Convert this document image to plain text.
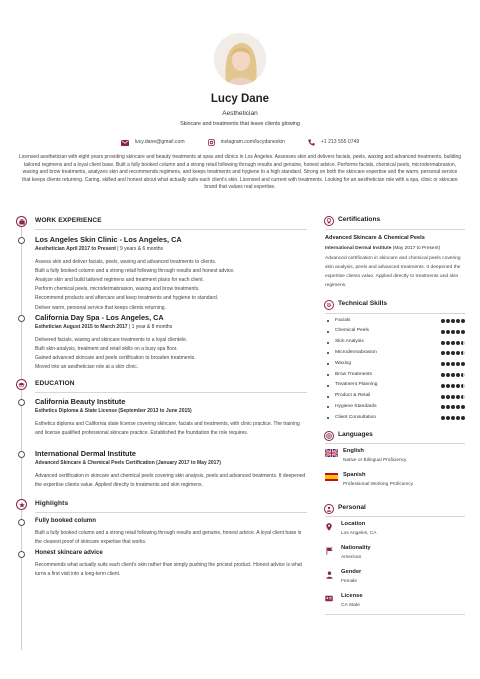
Lucy Dane
Aesthetician
Skincare and treatments that leave clients glowing
lucy.dane@gmail.com	instagram.com/lucydaneskin	+1 213 555 0749
Licensed aesthetician with eight years providing skincare and beauty treatments at spas and clinics in Los Angeles. Assesses skin and delivers facials, peels, waxing and advanced treatments, building tailored regimens and a loyal client base. Built a fully booked column and a strong retail following through results and genuine, honest advice. Performs facials, chemical peels, microdermabrasion, waxing and brow treatments, analyzes skin and recommends regimens, and keeps treatments and hygiene to a high standard. Strong on both the skincare expertise and the warm, personal service that keeps clients returning. Caring, skilled and honest about what actually suits each client's skin. Licensed and current with treatments. Looking for an aesthetician role with a spa, clinic or skincare brand that values real expertise.
WORK EXPERIENCE
Los Angeles Skin Clinic - Los Angeles, CA
Aesthetician April 2017 to Present | 9 years & 6 months
Assess skin and deliver facials, peels, waxing and advanced treatments to clients.
Built a fully booked column and a strong retail following through results and honest advice.
Analyze skin and build tailored regimens and treatment plans for each client.
Perform chemical peels, microdermabrasion, waxing and brow treatments.
Recommend products and aftercare and keep treatments and hygiene to standard.
Deliver warm, personal service that keeps clients returning.
California Day Spa - Los Angeles, CA
Esthetician August 2015 to March 2017 | 1 year & 8 months
Delivered facials, waxing and skincare treatments to a loyal clientele.
Built skin-analysis, treatment and retail skills on a busy spa floor.
Gained advanced skincare and peels certification to broaden treatments.
Moved into an aesthetician role at a skin clinic.
EDUCATION
California Beauty Institute
Esthetics Diploma & State License (September 2013 to June 2015)
Esthetics diploma and California state license covering skincare, facials and treatments, with clinic practice. The training and license qualified professional skincare practice. Established the foundation the role requires.
International Dermal Institute
Advanced Skincare & Chemical Peels Certification (January 2017 to May 2017)
Advanced certification in skincare and chemical peels covering skin analysis, peels and advanced treatments. It deepened the expertise clients value. Applied directly to treatments and skin regimens.
Highlights
Fully booked column
Built a fully booked column and a strong retail following through results and genuine, honest advice. A loyal client base is the clearest proof of skincare expertise that works.
Honest skincare advice
Recommends what actually suits each client's skin rather than simply pushing the priciest product. Honest advice is what turns a first visit into a long-term client.
Certifications
Advanced Skincare & Chemical Peels
International Dermal Institute (May 2017 to Present)
Advanced certification in skincare and chemical peels covering skin analysis, peels and advanced treatments. It deepened the expertise clients value. Applied directly to treatments and skin regimens.
Technical Skills
Facials
Chemical Peels
Skin Analysis
Microdermabrasion
Waxing
Brow Treatments
Treatment Planning
Product & Retail
Hygiene Standards
Client Consultation
Languages
English
Native or Bilingual Proficiency
Spanish
Professional Working Proficiency
Personal
Location
Los Angeles, CA
Nationality
American
Gender
Female
License
CA State
